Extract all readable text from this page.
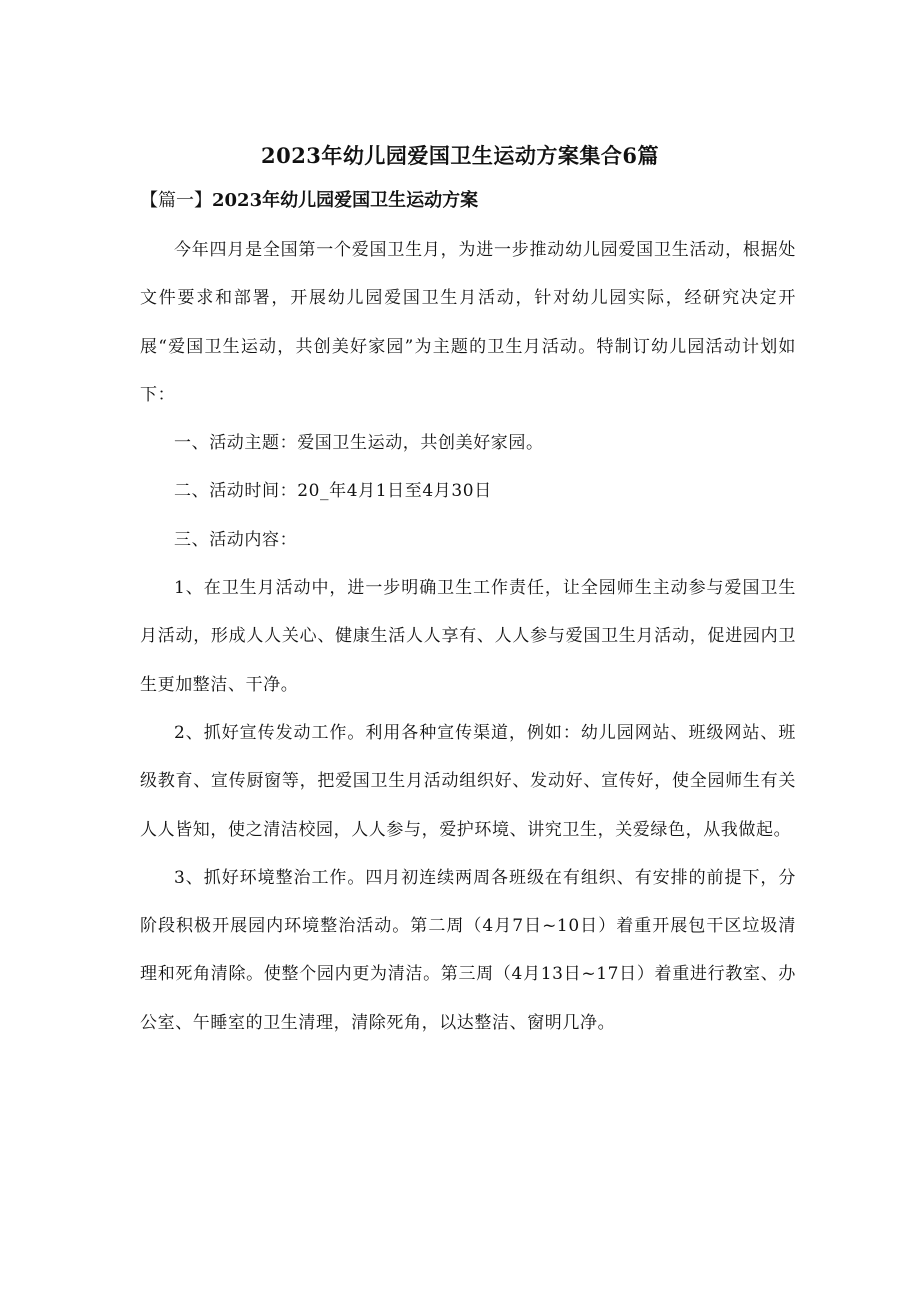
2023年幼儿园爱国卫生运动方案集合6篇
【篇一】2023年幼儿园爱国卫生运动方案

今年四月是全国第一个爱国卫生月，为进一步推动幼儿园爱国卫生活动，根据处文件要求和部署，开展幼儿园爱国卫生月活动，针对幼儿园实际，经研究决定开展“爱国卫生运动，共创美好家园”为主题的卫生月活动。特制订幼儿园活动计划如下：

一、活动主题：爱国卫生运动，共创美好家园。

二、活动时间：20_年4月1日至4月30日

三、活动内容：

1、在卫生月活动中，进一步明确卫生工作责任，让全园师生主动参与爱国卫生月活动，形成人人关心、健康生活人人享有、人人参与爱国卫生月活动，促进园内卫生更加整洁、干净。

2、抓好宣传发动工作。利用各种宣传渠道，例如：幼儿园网站、班级网站、班级教育、宣传厨窗等，把爱国卫生月活动组织好、发动好、宣传好，使全园师生有关人人皆知，使之清洁校园，人人参与，爱护环境、讲究卫生，关爱绿色，从我做起。

3、抓好环境整治工作。四月初连续两周各班级在有组织、有安排的前提下，分阶段积极开展园内环境整治活动。第二周（4月7日~10日）着重开展包干区垃圾清理和死角清除。使整个园内更为清洁。第三周（4月13日~17日）着重进行教室、办公室、午睡室的卫生清理，清除死角，以达整洁、窗明几净。
